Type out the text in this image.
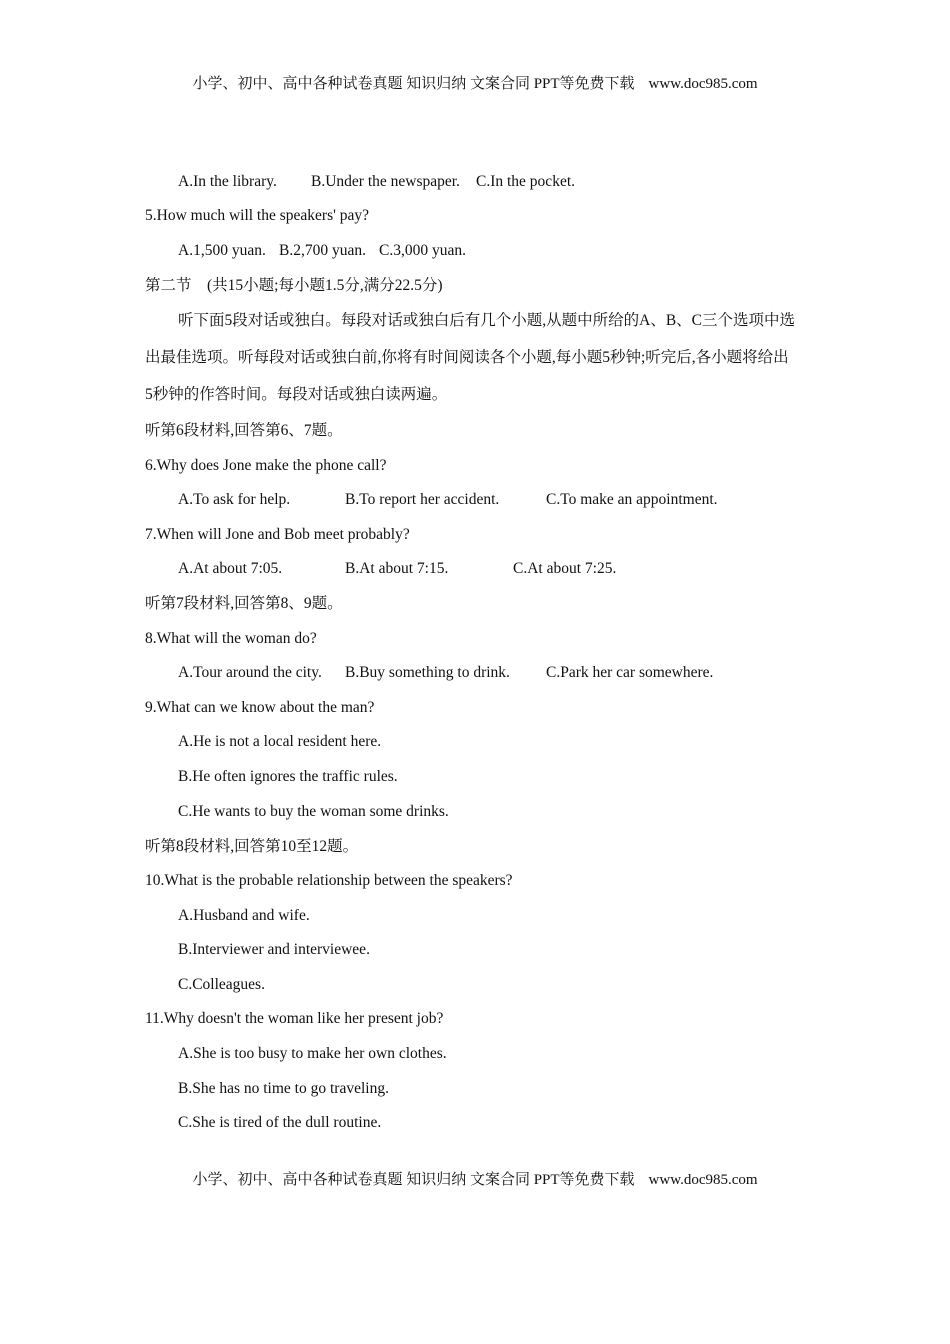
小学、初中、高中各种试卷真题 知识归纳 文案合同 PPT等免费下载 www.doc985.com
A.In the library. B.Under the newspaper. C.In the pocket.
5.How much will the speakers' pay?
A.1,500 yuan. B.2,700 yuan. C.3,000 yuan.
第二节    (共15小题;每小题1.5分,满分22.5分)
听下面5段对话或独白。每段对话或独白后有几个小题,从题中所给的A、B、C三个选项中选出最佳选项。听每段对话或独白前,你将有时间阅读各个小题,每小题5秒钟;听完后,各小题将给出5秒钟的作答时间。每段对话或独白读两遍。
听第6段材料,回答第6、7题。
6.Why does Jone make the phone call?
A.To ask for help.	B.To report her accident.	C.To make an appointment.
7.When will Jone and Bob meet probably?
A.At about 7:05.	B.At about 7:15.	C.At about 7:25.
听第7段材料,回答第8、9题。
8.What will the woman do?
A.Tour around the city. B.Buy something to drink. C.Park her car somewhere.
9.What can we know about the man?
A.He is not a local resident here.
B.He often ignores the traffic rules.
C.He wants to buy the woman some drinks.
听第8段材料,回答第10至12题。
10.What is the probable relationship between the speakers?
A.Husband and wife.
B.Interviewer and interviewee.
C.Colleagues.
11.Why doesn't the woman like her present job?
A.She is too busy to make her own clothes.
B.She has no time to go traveling.
C.She is tired of the dull routine.
小学、初中、高中各种试卷真题 知识归纳 文案合同 PPT等免费下载 www.doc985.com
